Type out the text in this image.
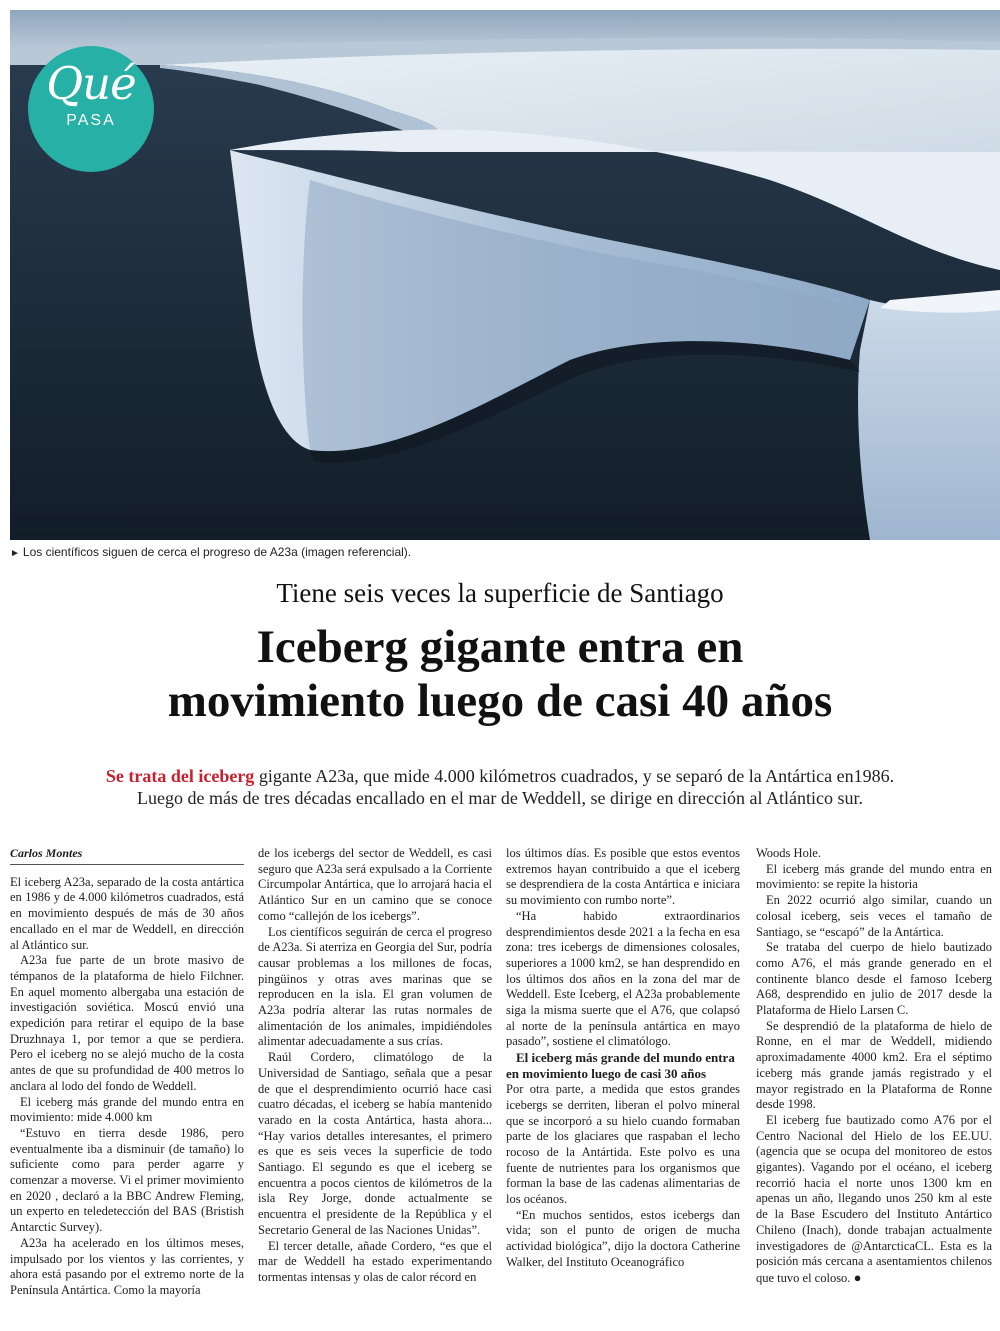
Qué
PASA
► Los científicos siguen de cerca el progreso de A23a (imagen referencial).
Tiene seis veces la superficie de Santiago
Iceberg gigante entra en
movimiento luego de casi 40 años
Se trata del iceberg gigante A23a, que mide 4.000 kilómetros cuadrados, y se separó de la Antártica en1986.
Luego de más de tres décadas encallado en el mar de Weddell, se dirige en dirección al Atlántico sur.
Carlos Montes

El iceberg A23a, separado de la costa antártica en 1986 y de 4.000 kilómetros cuadrados, está en movimiento después de más de 30 años encallado en el mar de Weddell, en dirección al Atlántico sur.

A23a fue parte de un brote masivo de témpanos de la plataforma de hielo Filchner. En aquel momento albergaba una estación de investigación soviética. Moscú envió una expedición para retirar el equipo de la base Druzhnaya 1, por temor a que se perdiera. Pero el iceberg no se alejó mucho de la costa antes de que su profundidad de 400 metros lo anclara al lodo del fondo de Weddell.

El iceberg más grande del mundo entra en movimiento: mide 4.000 km

“Estuvo en tierra desde 1986, pero eventualmente iba a disminuir (de tamaño) lo suficiente como para perder agarre y comenzar a moverse. Vi el primer movimiento en 2020 , declaró a la BBC Andrew Fleming, un experto en teledetección del BAS (Bristish Antarctic Survey).

A23a ha acelerado en los últimos meses, impulsado por los vientos y las corrientes, y ahora está pasando por el extremo norte de la Península Antártica. Como la mayoría

de los icebergs del sector de Weddell, es casi seguro que A23a será expulsado a la Corriente Circumpolar Antártica, que lo arrojará hacia el Atlántico Sur en un camino que se conoce como “callejón de los icebergs”.

Los científicos seguirán de cerca el progreso de A23a. Si aterriza en Georgia del Sur, podría causar problemas a los millones de focas, pingüinos y otras aves marinas que se reproducen en la isla. El gran volumen de A23a podría alterar las rutas normales de alimentación de los animales, impidiéndoles alimentar adecuadamente a sus crías.

Raúl Cordero, climatólogo de la Universidad de Santiago, señala que a pesar de que el desprendimiento ocurrió hace casi cuatro décadas, el iceberg se había mantenido varado en la costa Antártica, hasta ahora... “Hay varios detalles interesantes, el primero es que es seis veces la superficie de todo Santiago. El segundo es que el iceberg se encuentra a pocos cientos de kilómetros de la isla Rey Jorge, donde actualmente se encuentra el presidente de la República y el Secretario General de las Naciones Unidas”.

El tercer detalle, añade Cordero, “es que el mar de Weddell ha estado experimentando tormentas intensas y olas de calor récord en

los últimos días. Es posible que estos eventos extremos hayan contribuido a que el iceberg se desprendiera de la costa Antártica e iniciara su movimiento con rumbo norte”.

“Ha habido extraordinarios desprendimientos desde 2021 a la fecha en esa zona: tres icebergs de dimensiones colosales, superiores a 1000 km2, se han desprendido en los últimos dos años en la zona del mar de Weddell. Este Iceberg, el A23a probablemente siga la misma suerte que el A76, que colapsó al norte de la península antártica en mayo pasado”, sostiene el climatólogo.

El iceberg más grande del mundo entra en movimiento luego de casi 30 años

Por otra parte, a medida que estos grandes icebergs se derriten, liberan el polvo mineral que se incorporó a su hielo cuando formaban parte de los glaciares que raspaban el lecho rocoso de la Antártida. Este polvo es una fuente de nutrientes para los organismos que forman la base de las cadenas alimentarias de los océanos.

“En muchos sentidos, estos icebergs dan vida; son el punto de origen de mucha actividad biológica”, dijo la doctora Catherine Walker, del Instituto Oceanográfico

Woods Hole.

El iceberg más grande del mundo entra en movimiento: se repite la historia

En 2022 ocurrió algo similar, cuando un colosal iceberg, seis veces el tamaño de Santiago, se “escapó” de la Antártica.

Se trataba del cuerpo de hielo bautizado como A76, el más grande generado en el continente blanco desde el famoso Iceberg A68, desprendido en julio de 2017 desde la Plataforma de Hielo Larsen C.

Se desprendió de la plataforma de hielo de Ronne, en el mar de Weddell, midiendo aproximadamente 4000 km2. Era el séptimo iceberg más grande jamás registrado y el mayor registrado en la Plataforma de Ronne desde 1998.

El iceberg fue bautizado como A76 por el Centro Nacional del Hielo de los EE.UU. (agencia que se ocupa del monitoreo de estos gigantes). Vagando por el océano, el iceberg recorrió hacia el norte unos 1300 km en apenas un año, llegando unos 250 km al este de la Base Escudero del Instituto Antártico Chileno (Inach), donde trabajan actualmente investigadores de @AntarcticaCL. Esta es la posición más cercana a asentamientos chilenos que tuvo el coloso. ●
